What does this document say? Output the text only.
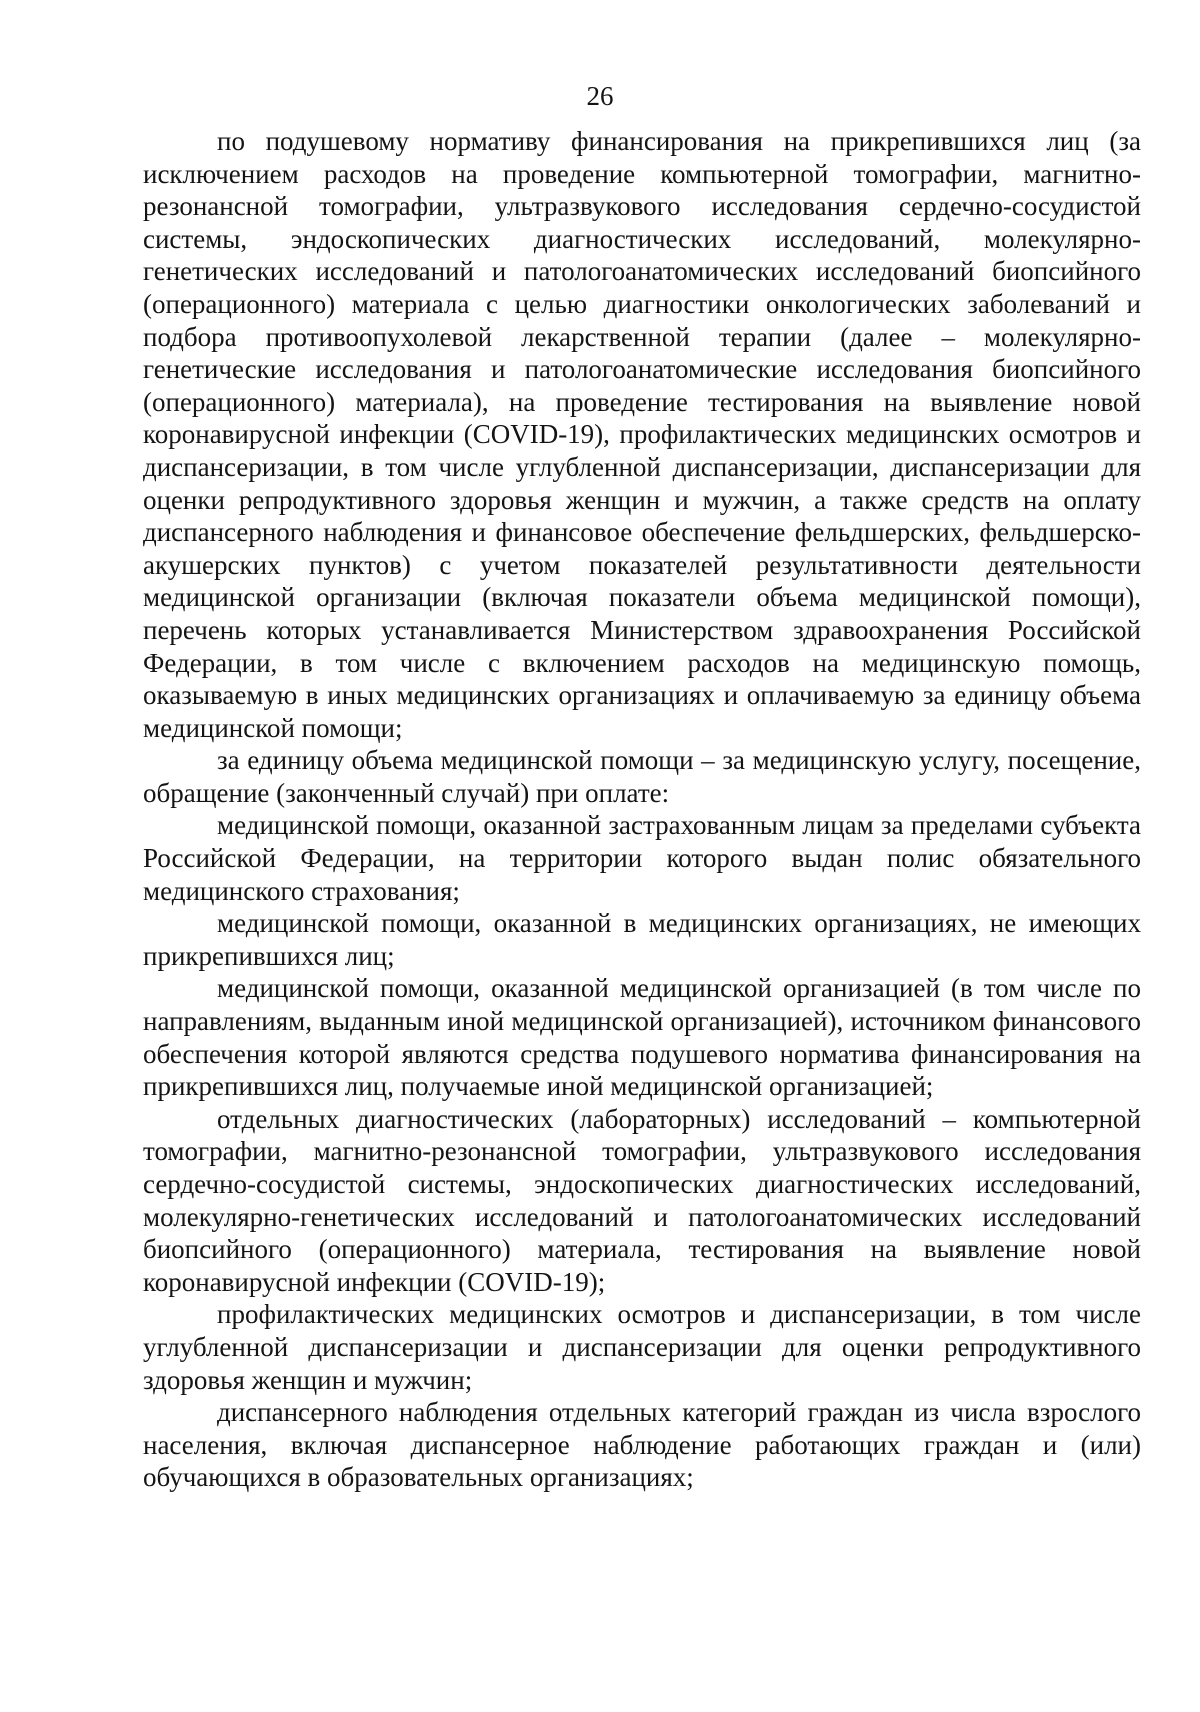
26

по подушевому нормативу финансирования на прикрепившихся лиц (за исключением расходов на проведение компьютерной томографии, магнитно-резонансной томографии, ультразвукового исследования сердечно-сосудистой системы, эндоскопических диагностических исследований, молекулярно-генетических исследований и патологоанатомических исследований биопсийного (операционного) материала с целью диагностики онкологических заболеваний и подбора противоопухолевой лекарственной терапии (далее – молекулярно-генетические исследования и патологоанатомические исследования биопсийного (операционного) материала), на проведение тестирования на выявление новой коронавирусной инфекции (COVID-19), профилактических медицинских осмотров и диспансеризации, в том числе углубленной диспансеризации, диспансеризации для оценки репродуктивного здоровья женщин и мужчин, а также средств на оплату диспансерного наблюдения и финансовое обеспечение фельдшерских, фельдшерско-акушерских пунктов) с учетом показателей результативности деятельности медицинской организации (включая показатели объема медицинской помощи), перечень которых устанавливается Министерством здравоохранения Российской Федерации, в том числе с включением расходов на медицинскую помощь, оказываемую в иных медицинских организациях и оплачиваемую за единицу объема медицинской помощи;

за единицу объема медицинской помощи – за медицинскую услугу, посещение, обращение (законченный случай) при оплате:

медицинской помощи, оказанной застрахованным лицам за пределами субъекта Российской Федерации, на территории которого выдан полис обязательного медицинского страхования;

медицинской помощи, оказанной в медицинских организациях, не имеющих прикрепившихся лиц;

медицинской помощи, оказанной медицинской организацией (в том числе по направлениям, выданным иной медицинской организацией), источником финансового обеспечения которой являются средства подушевого норматива финансирования на прикрепившихся лиц, получаемые иной медицинской организацией;

отдельных диагностических (лабораторных) исследований – компьютерной томографии, магнитно-резонансной томографии, ультразвукового исследования сердечно-сосудистой системы, эндоскопических диагностических исследований, молекулярно-генетических исследований и патологоанатомических исследований биопсийного (операционного) материала, тестирования на выявление новой коронавирусной инфекции (COVID-19);

профилактических медицинских осмотров и диспансеризации, в том числе углубленной диспансеризации и диспансеризации для оценки репродуктивного здоровья женщин и мужчин;

диспансерного наблюдения отдельных категорий граждан из числа взрослого населения, включая диспансерное наблюдение работающих граждан и (или) обучающихся в образовательных организациях;
